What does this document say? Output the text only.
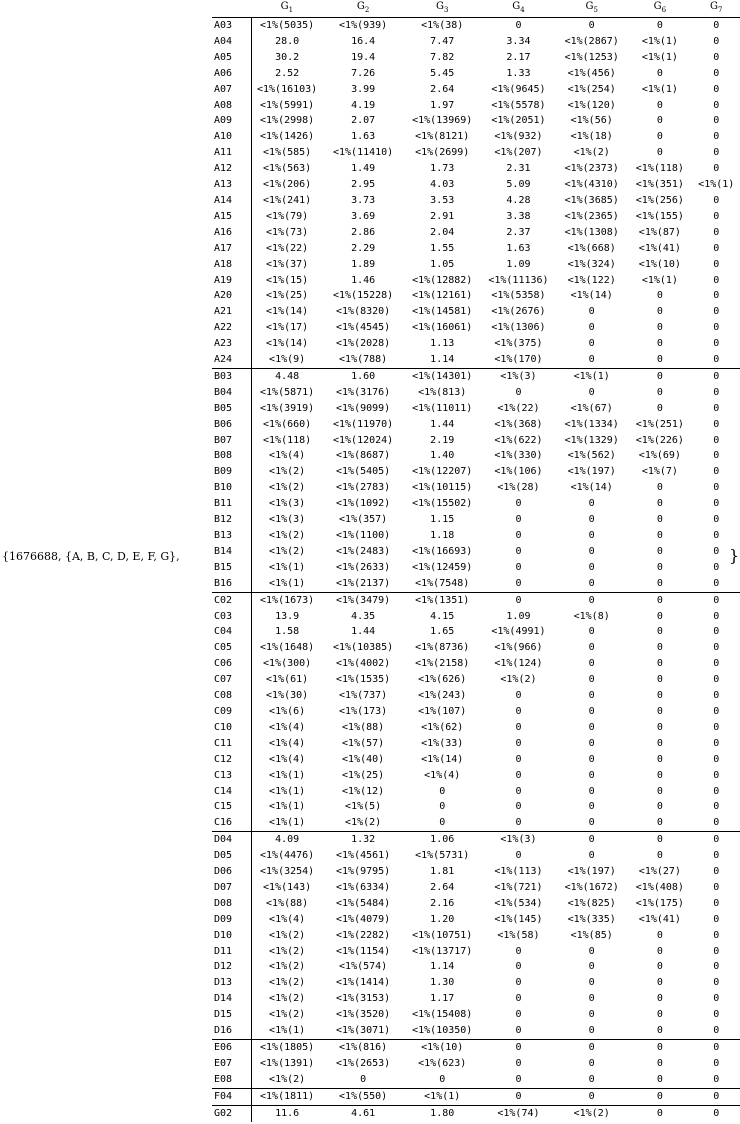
{1676688, {A, B, C, D, E, F, G},
	$G_1$	$G_2$	$G_3$	$G_4$	$G_5$	$G_6$	$G_7$
A03	<1%(5035)	<1%(939)	<1%(38)	0	0	0	0
A04	28.0	16.4	7.47	3.34	<1%(2867)	<1%(1)	0
A05	30.2	19.4	7.82	2.17	<1%(1253)	<1%(1)	0
A06	2.52	7.26	5.45	1.33	<1%(456)	0	0
A07	<1%(16103)	3.99	2.64	<1%(9645)	<1%(254)	<1%(1)	0
A08	<1%(5991)	4.19	1.97	<1%(5578)	<1%(120)	0	0
A09	<1%(2998)	2.07	<1%(13969)	<1%(2051)	<1%(56)	0	0
A10	<1%(1426)	1.63	<1%(8121)	<1%(932)	<1%(18)	0	0
A11	<1%(585)	<1%(11410)	<1%(2699)	<1%(207)	<1%(2)	0	0
A12	<1%(563)	1.49	1.73	2.31	<1%(2373)	<1%(118)	0
A13	<1%(206)	2.95	4.03	5.09	<1%(4310)	<1%(351)	<1%(1)
A14	<1%(241)	3.73	3.53	4.28	<1%(3685)	<1%(256)	0
A15	<1%(79)	3.69	2.91	3.38	<1%(2365)	<1%(155)	0
A16	<1%(73)	2.86	2.04	2.37	<1%(1308)	<1%(87)	0
A17	<1%(22)	2.29	1.55	1.63	<1%(668)	<1%(41)	0
A18	<1%(37)	1.89	1.05	1.09	<1%(324)	<1%(10)	0
A19	<1%(15)	1.46	<1%(12882)	<1%(11136)	<1%(122)	<1%(1)	0
A20	<1%(25)	<1%(15228)	<1%(12161)	<1%(5358)	<1%(14)	0	0
A21	<1%(14)	<1%(8320)	<1%(14581)	<1%(2676)	0	0	0
A22	<1%(17)	<1%(4545)	<1%(16061)	<1%(1306)	0	0	0
A23	<1%(14)	<1%(2028)	1.13	<1%(375)	0	0	0
A24	<1%(9)	<1%(788)	1.14	<1%(170)	0	0	0
B03	4.48	1.60	<1%(14301)	<1%(3)	<1%(1)	0	0
B04	<1%(5871)	<1%(3176)	<1%(813)	0	0	0	0
B05	<1%(3919)	<1%(9099)	<1%(11011)	<1%(22)	<1%(67)	0	0
B06	<1%(660)	<1%(11970)	1.44	<1%(368)	<1%(1334)	<1%(251)	0
B07	<1%(118)	<1%(12024)	2.19	<1%(622)	<1%(1329)	<1%(226)	0
B08	<1%(4)	<1%(8687)	1.40	<1%(330)	<1%(562)	<1%(69)	0
B09	<1%(2)	<1%(5405)	<1%(12207)	<1%(106)	<1%(197)	<1%(7)	0
B10	<1%(2)	<1%(2783)	<1%(10115)	<1%(28)	<1%(14)	0	0
B11	<1%(3)	<1%(1092)	<1%(15502)	0	0	0	0
B12	<1%(3)	<1%(357)	1.15	0	0	0	0
B13	<1%(2)	<1%(1100)	1.18	0	0	0	0
B14	<1%(2)	<1%(2483)	<1%(16693)	0	0	0	0
B15	<1%(1)	<1%(2633)	<1%(12459)	0	0	0	0
B16	<1%(1)	<1%(2137)	<1%(7548)	0	0	0	0
C02	<1%(1673)	<1%(3479)	<1%(1351)	0	0	0	0
C03	13.9	4.35	4.15	1.09	<1%(8)	0	0
C04	1.58	1.44	1.65	<1%(4991)	0	0	0
C05	<1%(1648)	<1%(10385)	<1%(8736)	<1%(966)	0	0	0
C06	<1%(300)	<1%(4002)	<1%(2158)	<1%(124)	0	0	0
C07	<1%(61)	<1%(1535)	<1%(626)	<1%(2)	0	0	0
C08	<1%(30)	<1%(737)	<1%(243)	0	0	0	0
C09	<1%(6)	<1%(173)	<1%(107)	0	0	0	0
C10	<1%(4)	<1%(88)	<1%(62)	0	0	0	0
C11	<1%(4)	<1%(57)	<1%(33)	0	0	0	0
C12	<1%(4)	<1%(40)	<1%(14)	0	0	0	0
C13	<1%(1)	<1%(25)	<1%(4)	0	0	0	0
C14	<1%(1)	<1%(12)	0	0	0	0	0
C15	<1%(1)	<1%(5)	0	0	0	0	0
C16	<1%(1)	<1%(2)	0	0	0	0	0
D04	4.09	1.32	1.06	<1%(3)	0	0	0
D05	<1%(4476)	<1%(4561)	<1%(5731)	0	0	0	0
D06	<1%(3254)	<1%(9795)	1.81	<1%(113)	<1%(197)	<1%(27)	0
D07	<1%(143)	<1%(6334)	2.64	<1%(721)	<1%(1672)	<1%(408)	0
D08	<1%(88)	<1%(5484)	2.16	<1%(534)	<1%(825)	<1%(175)	0
D09	<1%(4)	<1%(4079)	1.20	<1%(145)	<1%(335)	<1%(41)	0
D10	<1%(2)	<1%(2282)	<1%(10751)	<1%(58)	<1%(85)	0	0
D11	<1%(2)	<1%(1154)	<1%(13717)	0	0	0	0
D12	<1%(2)	<1%(574)	1.14	0	0	0	0
D13	<1%(2)	<1%(1414)	1.30	0	0	0	0
D14	<1%(2)	<1%(3153)	1.17	0	0	0	0
D15	<1%(2)	<1%(3520)	<1%(15408)	0	0	0	0
D16	<1%(1)	<1%(3071)	<1%(10350)	0	0	0	0
E06	<1%(1805)	<1%(816)	<1%(10)	0	0	0	0
E07	<1%(1391)	<1%(2653)	<1%(623)	0	0	0	0
E08	<1%(2)	0	0	0	0	0	0
F04	<1%(1811)	<1%(550)	<1%(1)	0	0	0	0
G02	11.6	4.61	1.80	<1%(74)	<1%(2)	0	0
}
